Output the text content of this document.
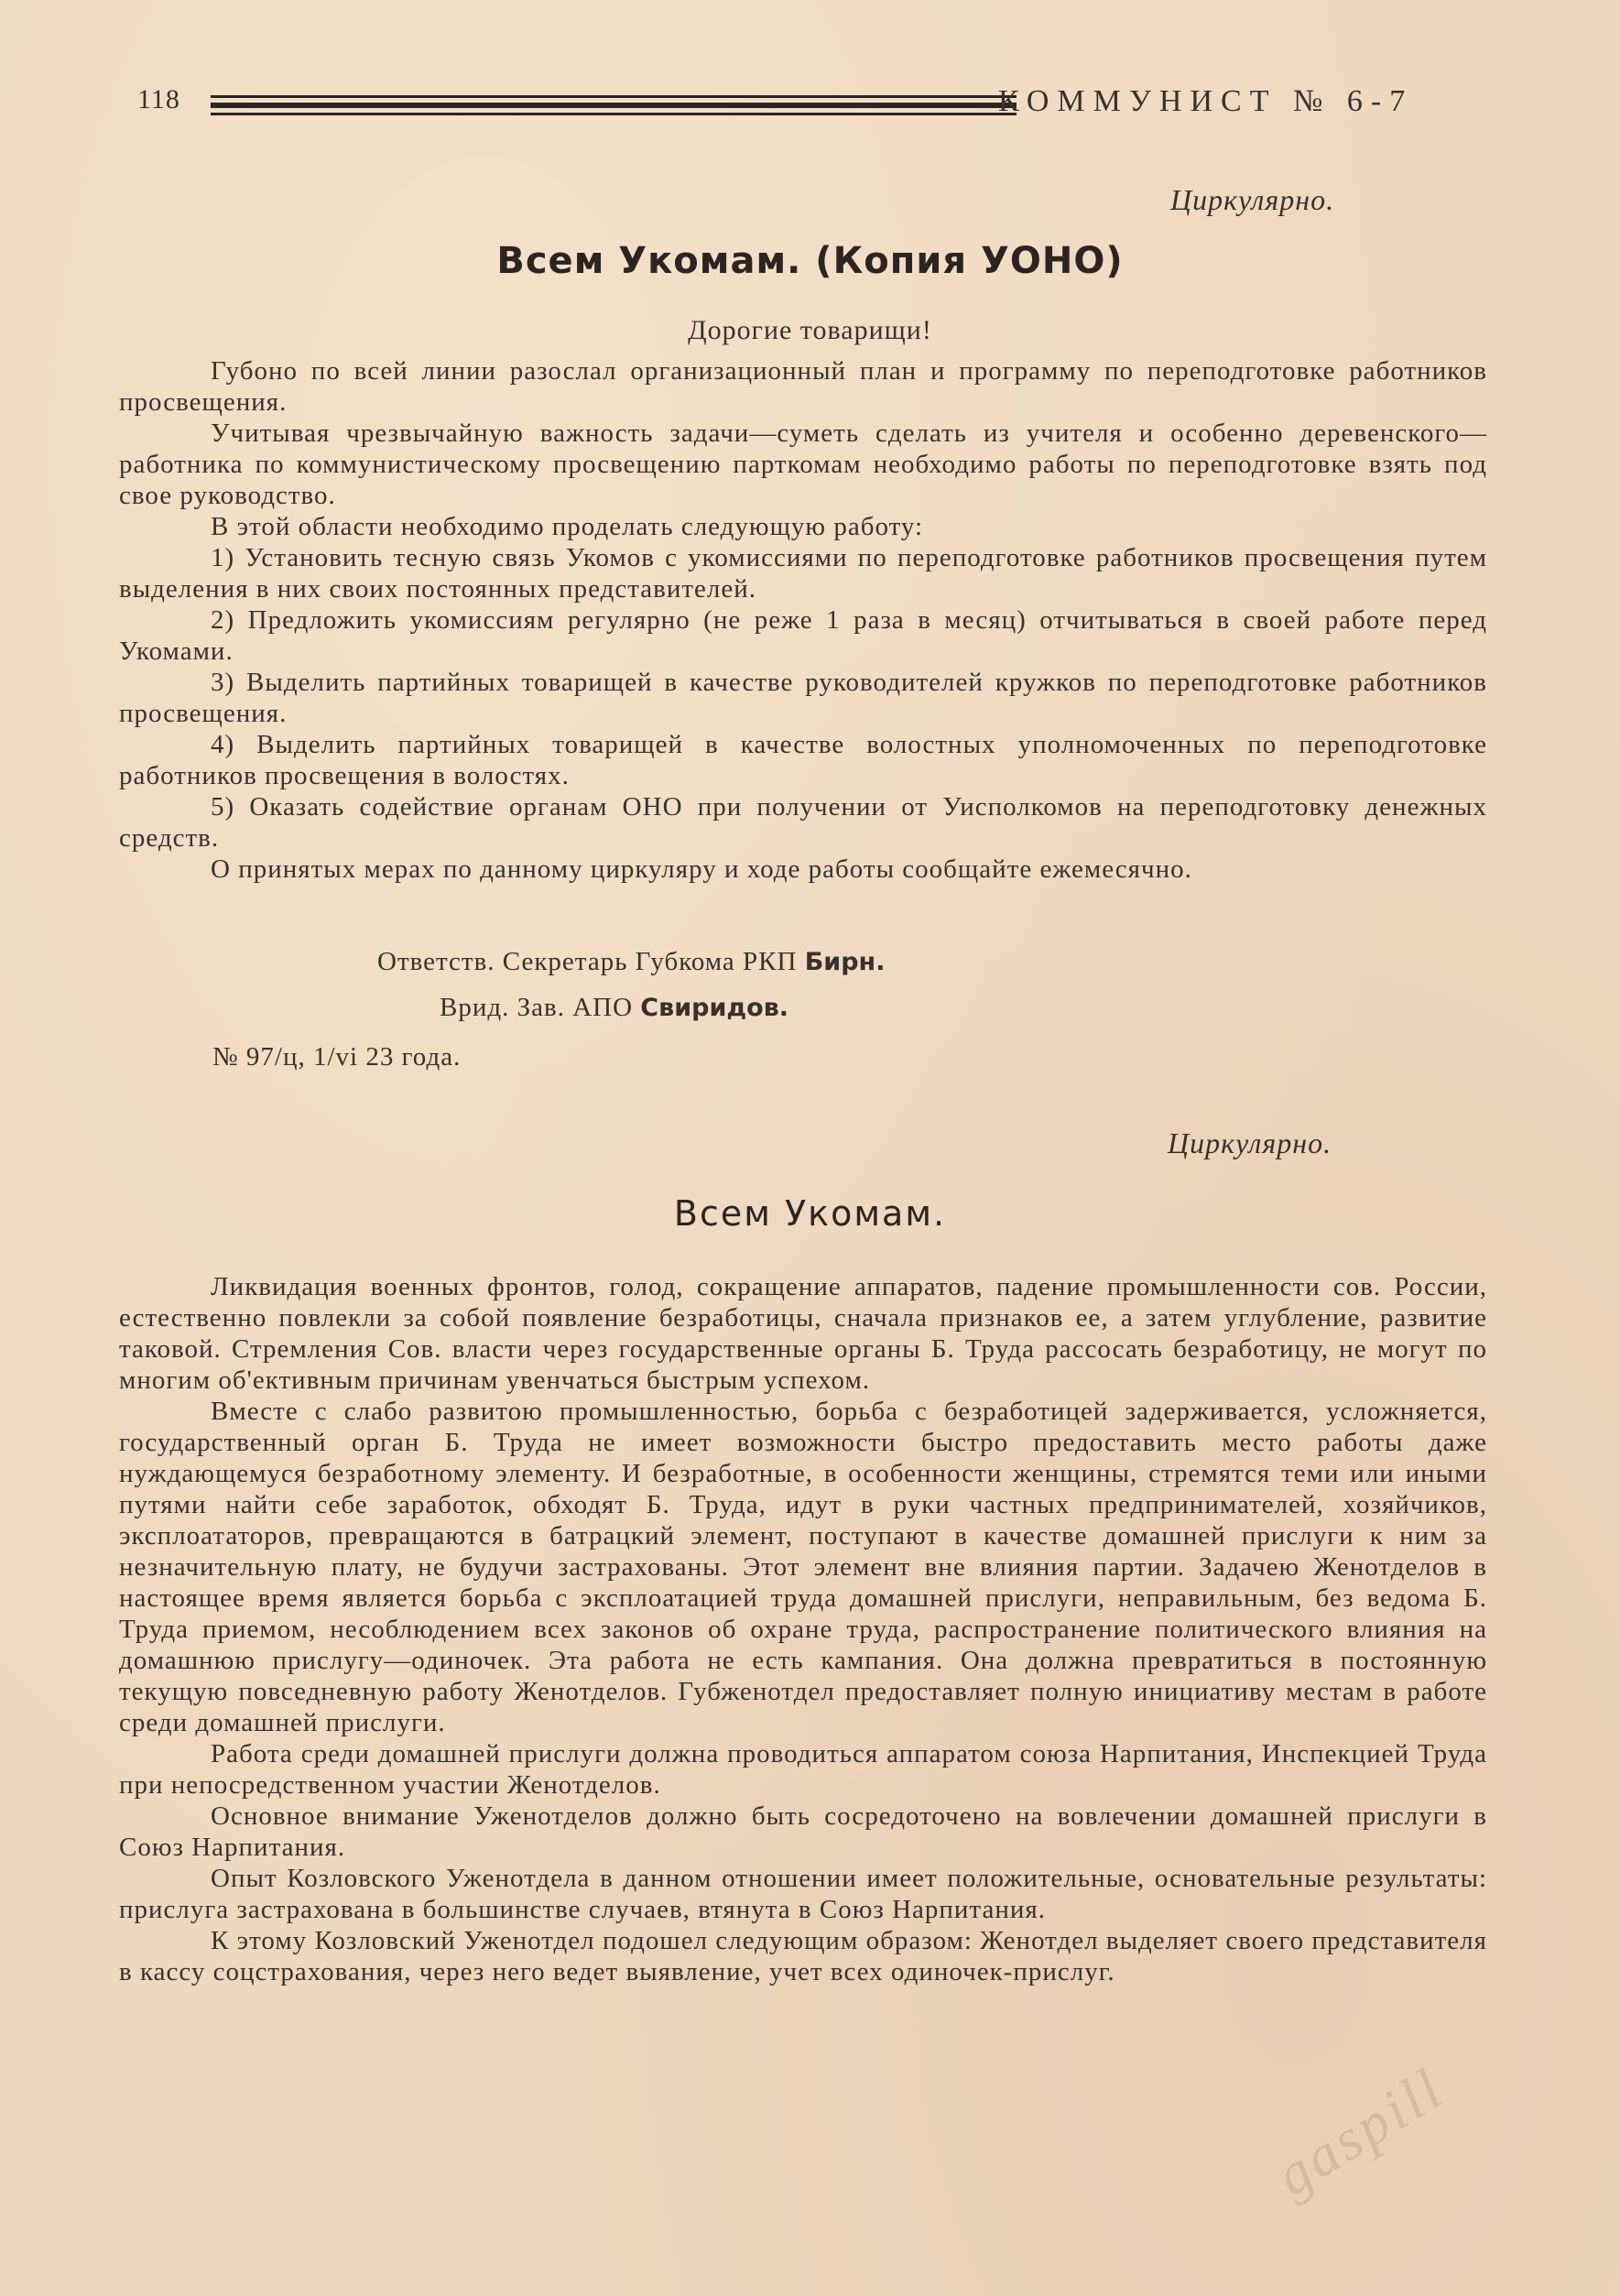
118	КОММУНИСТ № 6-7
Циркулярно.
Всем Укомам. (Копия УОНО)
Дорогие товарищи!

Губоно по всей линии разослал организационный план и программу по переподготовке работников просвещения.

Учитывая чрезвычайную важность задачи—суметь сделать из учителя и особенно деревенского—работника по коммунистическому просвещению парткомам необходимо работы по переподготовке взять под свое руководство.

В этой области необходимо проделать следующую работу:

1) Установить тесную связь Укомов с укомиссиями по переподготовке работников просвещения путем выделения в них своих постоянных представителей.

2) Предложить укомиссиям регулярно (не реже 1 раза в месяц) отчитываться в своей работе перед Укомами.

3) Выделить партийных товарищей в качестве руководителей кружков по переподготовке работников просвещения.

4) Выделить партийных товарищей в качестве волостных уполномоченных по переподготовке работников просвещения в волостях.

5) Оказать содействие органам ОНО при получении от Уисполкомов на переподготовку денежных средств.

О принятых мерах по данному циркуляру и ходе работы сообщайте ежемесячно.

Ответств. Секретарь Губкома РКП Бирн.
Врид. Зав. АПО Свиридов.
№ 97/ц, 1/vi 23 года.
Циркулярно.
Всем Укомам.

Ликвидация военных фронтов, голод, сокращение аппаратов, падение промышленности сов. России, естественно повлекли за собой появление безработицы, сначала признаков ее, а затем углубление, развитие таковой. Стремления Сов. власти через государственные органы Б. Труда рассосать безработицу, не могут по многим об'ективным причинам увенчаться быстрым успехом.

Вместе с слабо развитою промышленностью, борьба с безработицей задерживается, усложняется, государственный орган Б. Труда не имеет возможности быстро предоставить место работы даже нуждающемуся безработному элементу. И безработные, в особенности женщины, стремятся теми или иными путями найти себе заработок, обходят Б. Труда, идут в руки частных предпринимателей, хозяйчиков, эксплоататоров, превращаются в батрацкий элемент, поступают в качестве домашней прислуги к ним за незначительную плату, не будучи застрахованы. Этот элемент вне влияния партии. Задачею Женотделов в настоящее время является борьба с эксплоатацией труда домашней прислуги, неправильным, без ведома Б. Труда приемом, несоблюдением всех законов об охране труда, распространение политического влияния на домашнюю прислугу—одиночек. Эта работа не есть кампания. Она должна превратиться в постоянную текущую повседневную работу Женотделов. Губженотдел предоставляет полную инициативу местам в работе среди домашней прислуги.

Работа среди домашней прислуги должна проводиться аппаратом союза Нарпитания, Инспекцией Труда при непосредственном участии Женотделов.

Основное внимание Уженотделов должно быть сосредоточено на вовлечении домашней прислуги в Союз Нарпитания.

Опыт Козловского Уженотдела в данном отношении имеет положительные, основательные результаты: прислуга застрахована в большинстве случаев, втянута в Союз Нарпитания.

К этому Козловский Уженотдел подошел следующим образом: Женотдел выделяет своего представителя в кассу соцстрахования, через него ведет выявление, учет всех одиночек-прислуг.

gaspill
